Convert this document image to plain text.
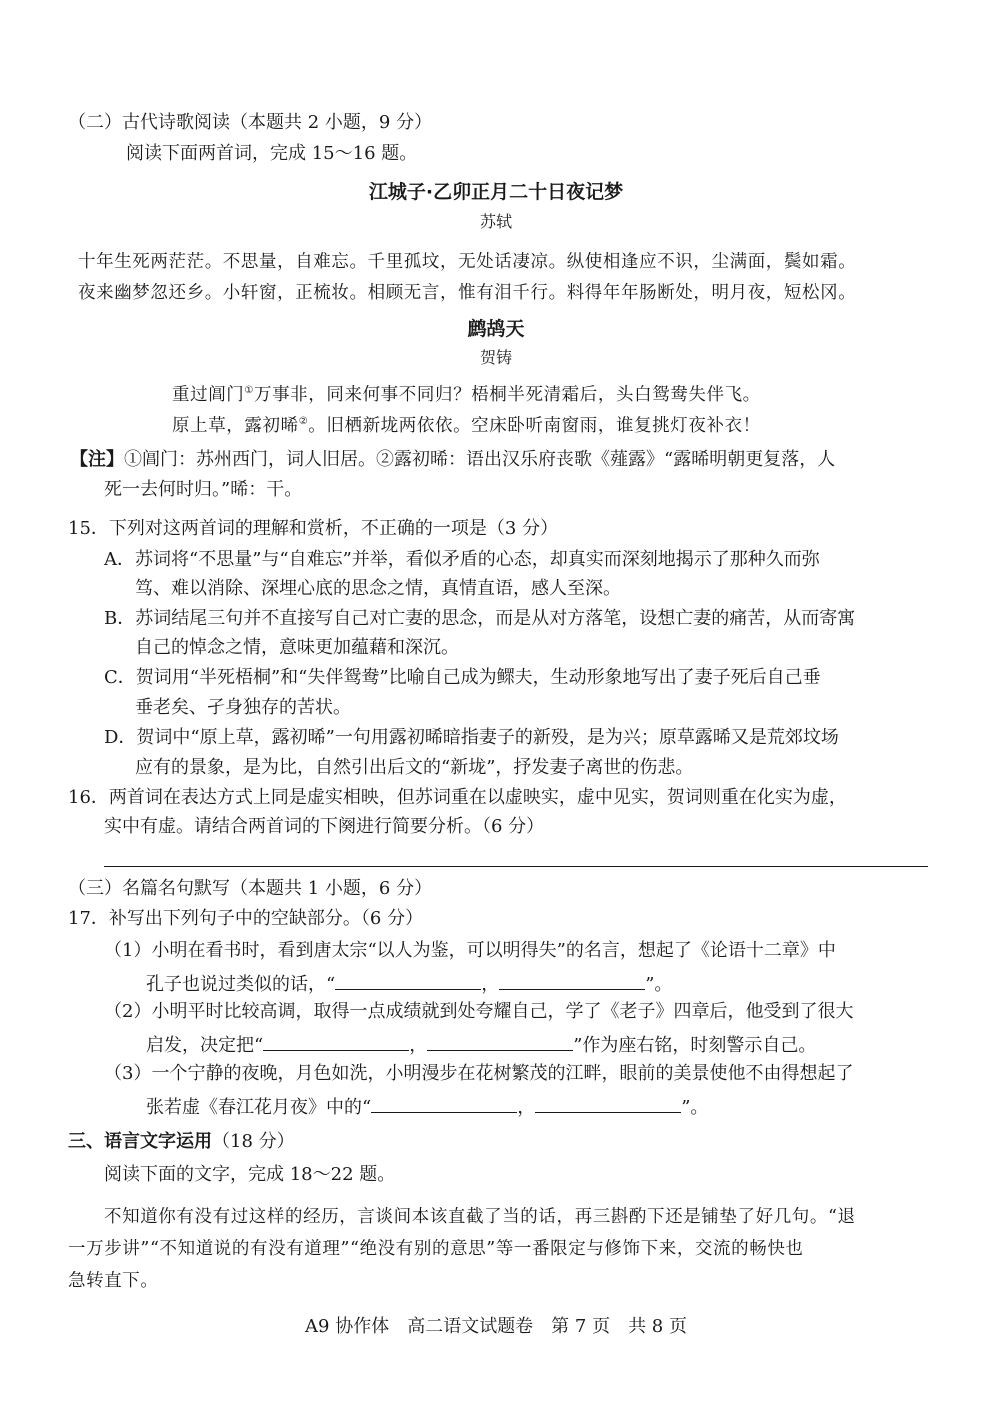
（二）古代诗歌阅读（本题共 2 小题，9 分）

阅读下面两首词，完成 15～16 题。

江城子·乙卯正月二十日夜记梦

苏轼

十年生死两茫茫。不思量，自难忘。千里孤坟，无处话凄凉。纵使相逢应不识，尘满面，鬓如霜。

夜来幽梦忽还乡。小轩窗，正梳妆。相顾无言，惟有泪千行。料得年年肠断处，明月夜，短松冈。

鹧鸪天

贺铸

重过阊门①万事非，同来何事不同归？梧桐半死清霜后，头白鸳鸯失伴飞。

原上草，露初晞②。旧栖新垅两依依。空床卧听南窗雨，谁复挑灯夜补衣！

【注】①阊门：苏州西门，词人旧居。②露初晞：语出汉乐府丧歌《薤露》“露晞明朝更复落，人

死一去何时归。”晞：干。

15．下列对这两首词的理解和赏析，不正确的一项是（3 分）

A．苏词将“不思量”与“自难忘”并举，看似矛盾的心态，却真实而深刻地揭示了那种久而弥

笃、难以消除、深埋心底的思念之情，真情直语，感人至深。

B．苏词结尾三句并不直接写自己对亡妻的思念，而是从对方落笔，设想亡妻的痛苦，从而寄寓

自己的悼念之情，意味更加蕴藉和深沉。

C．贺词用“半死梧桐”和“失伴鸳鸯”比喻自己成为鳏夫，生动形象地写出了妻子死后自己垂

垂老矣、孑身独存的苦状。

D．贺词中“原上草，露初晞”一句用露初晞暗指妻子的新殁，是为兴；原草露晞又是荒郊坟场

应有的景象，是为比，自然引出后文的“新垅”，抒发妻子离世的伤悲。

16．两首词在表达方式上同是虚实相映，但苏词重在以虚映实，虚中见实，贺词则重在化实为虚，

实中有虚。请结合两首词的下阕进行简要分析。（6 分）

（三）名篇名句默写（本题共 1 小题，6 分）

17．补写出下列句子中的空缺部分。（6 分）

（1）小明在看书时，看到唐太宗“以人为鉴，可以明得失”的名言，想起了《论语十二章》中

孔子也说过类似的话，“	，	”。

（2）小明平时比较高调，取得一点成绩就到处夸耀自己，学了《老子》四章后，他受到了很大

启发，决定把“	，	”作为座右铭，时刻警示自己。

（3）一个宁静的夜晚，月色如洗，小明漫步在花树繁茂的江畔，眼前的美景使他不由得想起了

张若虚《春江花月夜》中的“	，	”。

三、语言文字运用（18 分）

阅读下面的文字，完成 18～22 题。

不知道你有没有过这样的经历，言谈间本该直截了当的话，再三斟酌下还是铺垫了好几句。“退

一万步讲”“不知道说的有没有道理”“绝没有别的意思”等一番限定与修饰下来，交流的畅快也

急转直下。

A9 协作体　高二语文试题卷　第 7 页　共 8 页
